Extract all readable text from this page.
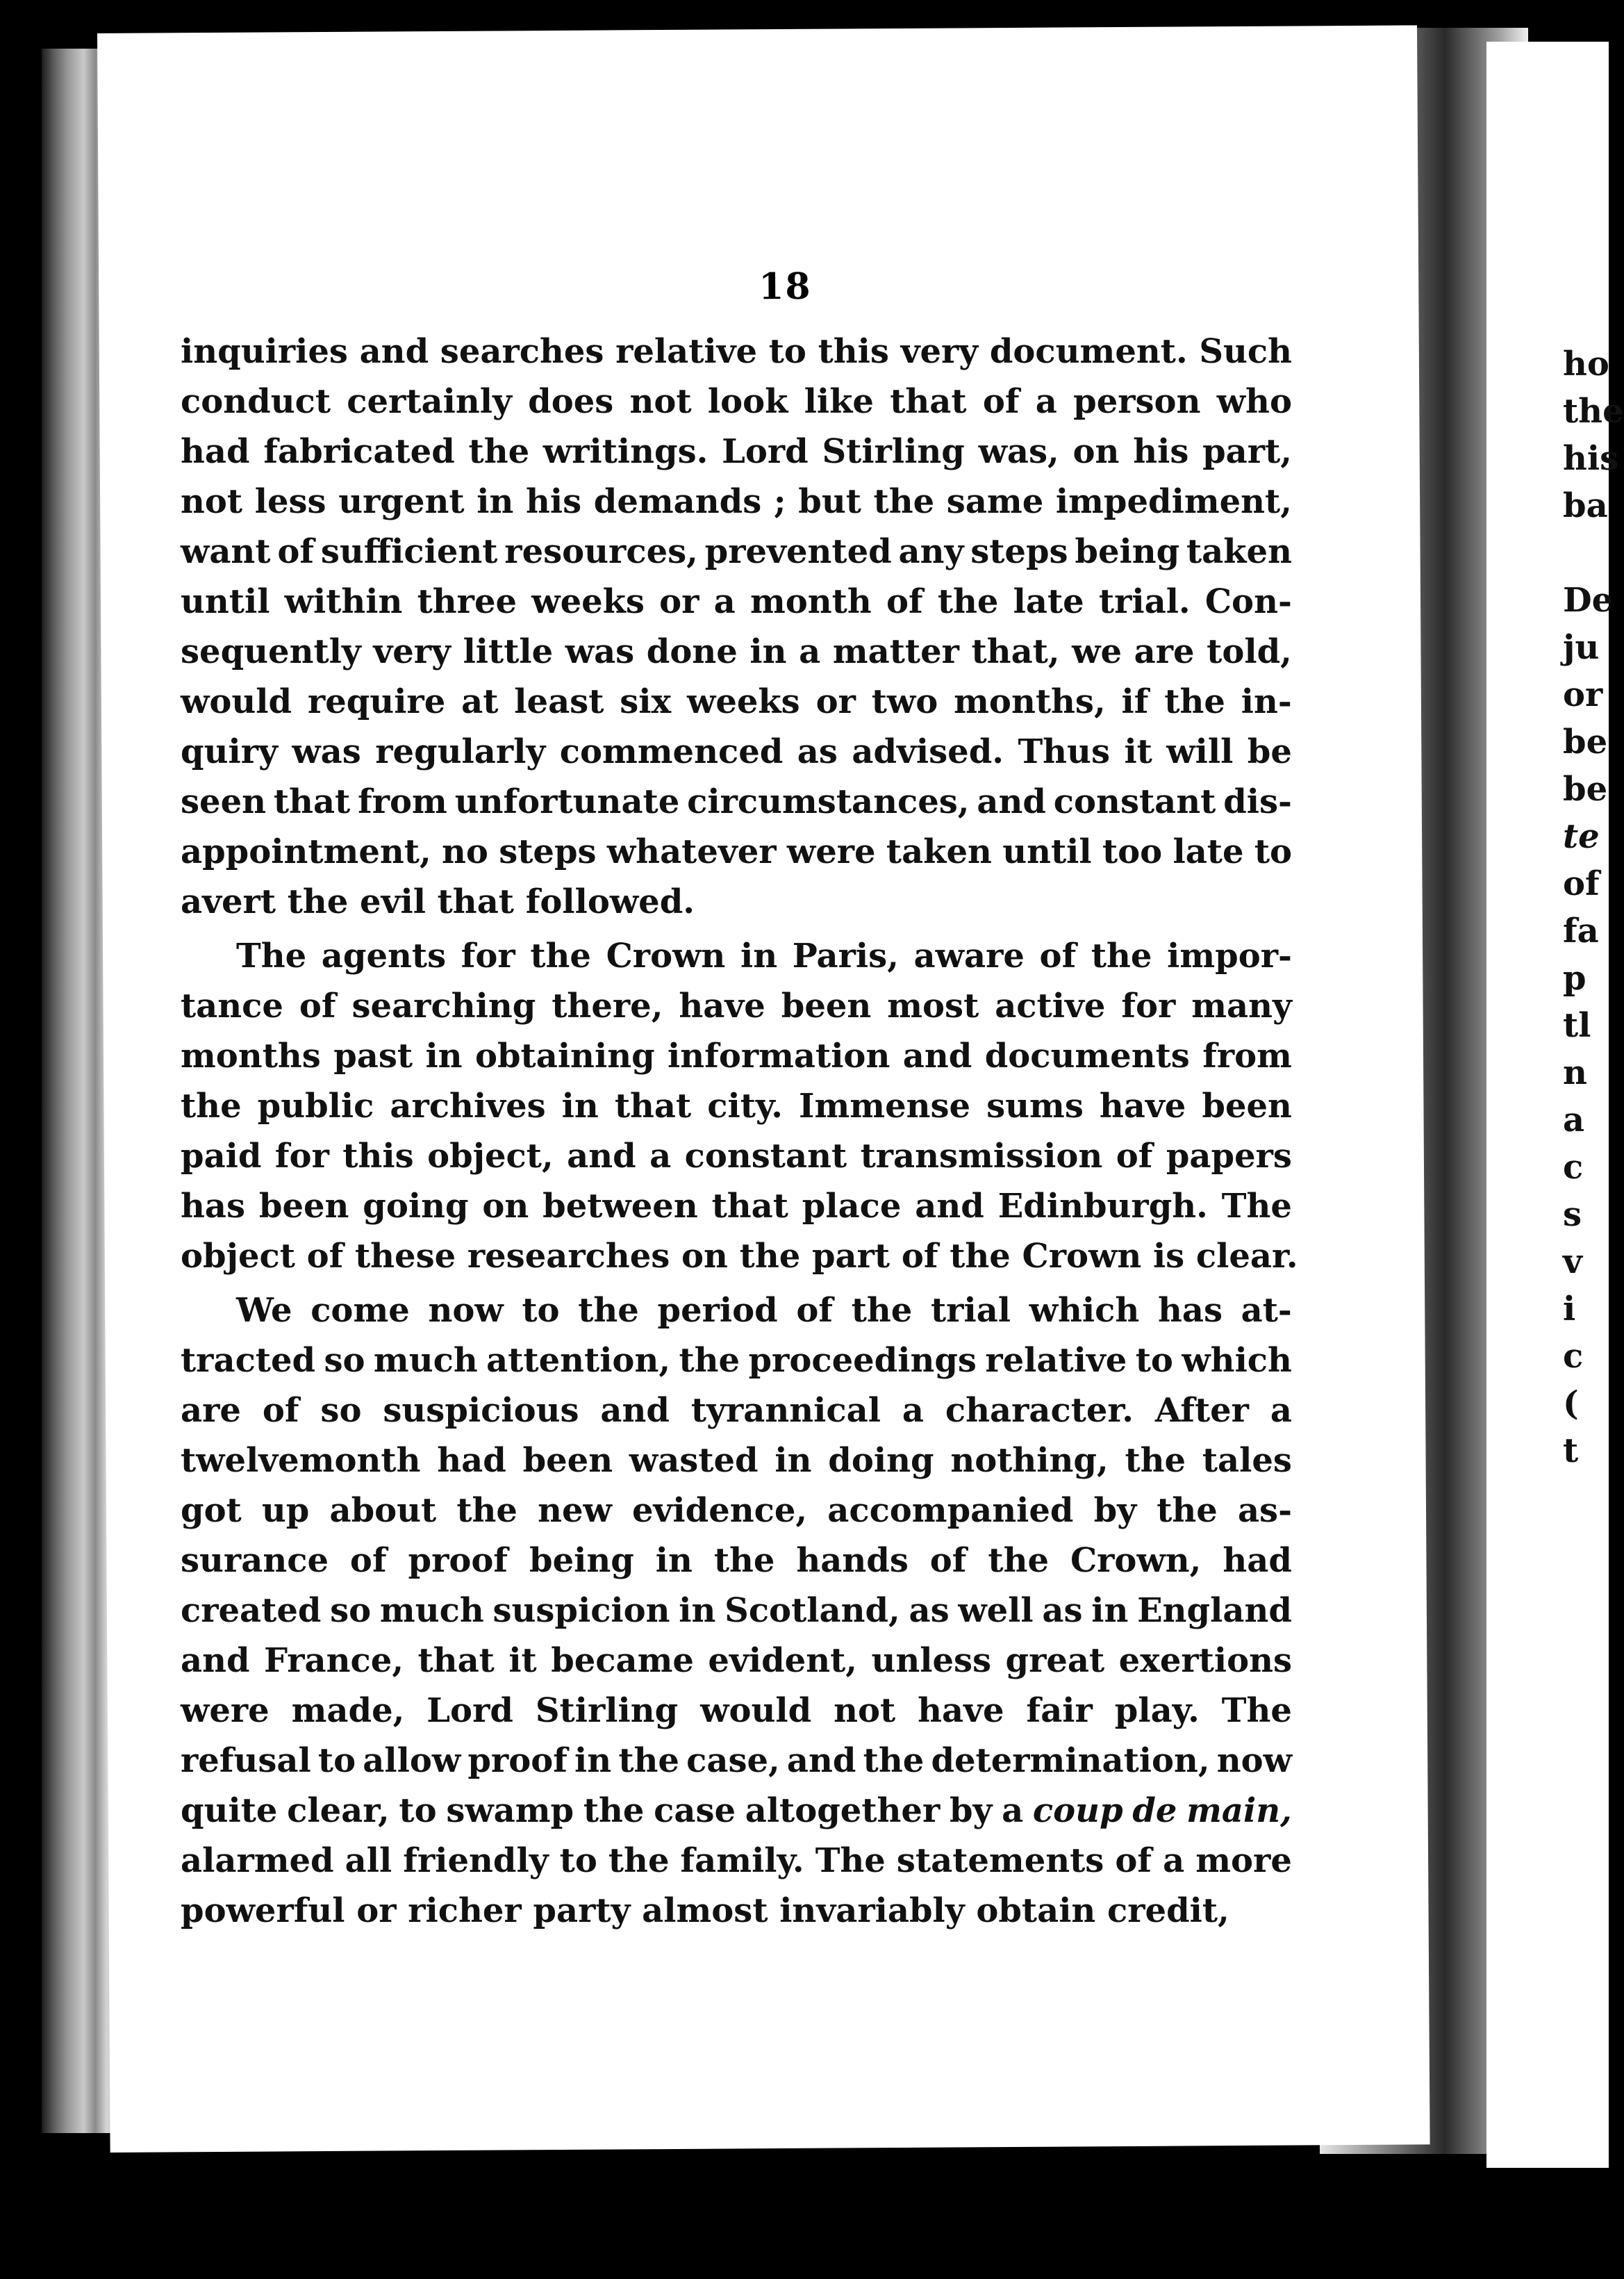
18
inquiries and searches relative to this very document. Such
conduct certainly does not look like that of a person who
had fabricated the writings. Lord Stirling was, on his part,
not less urgent in his demands ; but the same impediment,
want of sufficient resources, prevented any steps being taken
until within three weeks or a month of the late trial. Con-
sequently very little was done in a matter that, we are told,
would require at least six weeks or two months, if the in-
quiry was regularly commenced as advised. Thus it will be
seen that from unfortunate circumstances, and constant dis-
appointment, no steps whatever were taken until too late to
avert the evil that followed.
The agents for the Crown in Paris, aware of the impor-
tance of searching there, have been most active for many
months past in obtaining information and documents from
the public archives in that city. Immense sums have been
paid for this object, and a constant transmission of papers
has been going on between that place and Edinburgh. The
object of these researches on the part of the Crown is clear.
We come now to the period of the trial which has at-
tracted so much attention, the proceedings relative to which
are of so suspicious and tyrannical a character. After a
twelvemonth had been wasted in doing nothing, the tales
got up about the new evidence, accompanied by the as-
surance of proof being in the hands of the Crown, had
created so much suspicion in Scotland, as well as in England
and France, that it became evident, unless great exertions
were made, Lord Stirling would not have fair play. The
refusal to allow proof in the case, and the determination, now
quite clear, to swamp the case altogether by a coup de main,
alarmed all friendly to the family. The statements of a more
powerful or richer party almost invariably obtain credit,
ho
the
his
ba
De
ju
or
be
be
te
of
fa
p
tl
n
a
c
s
v
i
c
(
t
